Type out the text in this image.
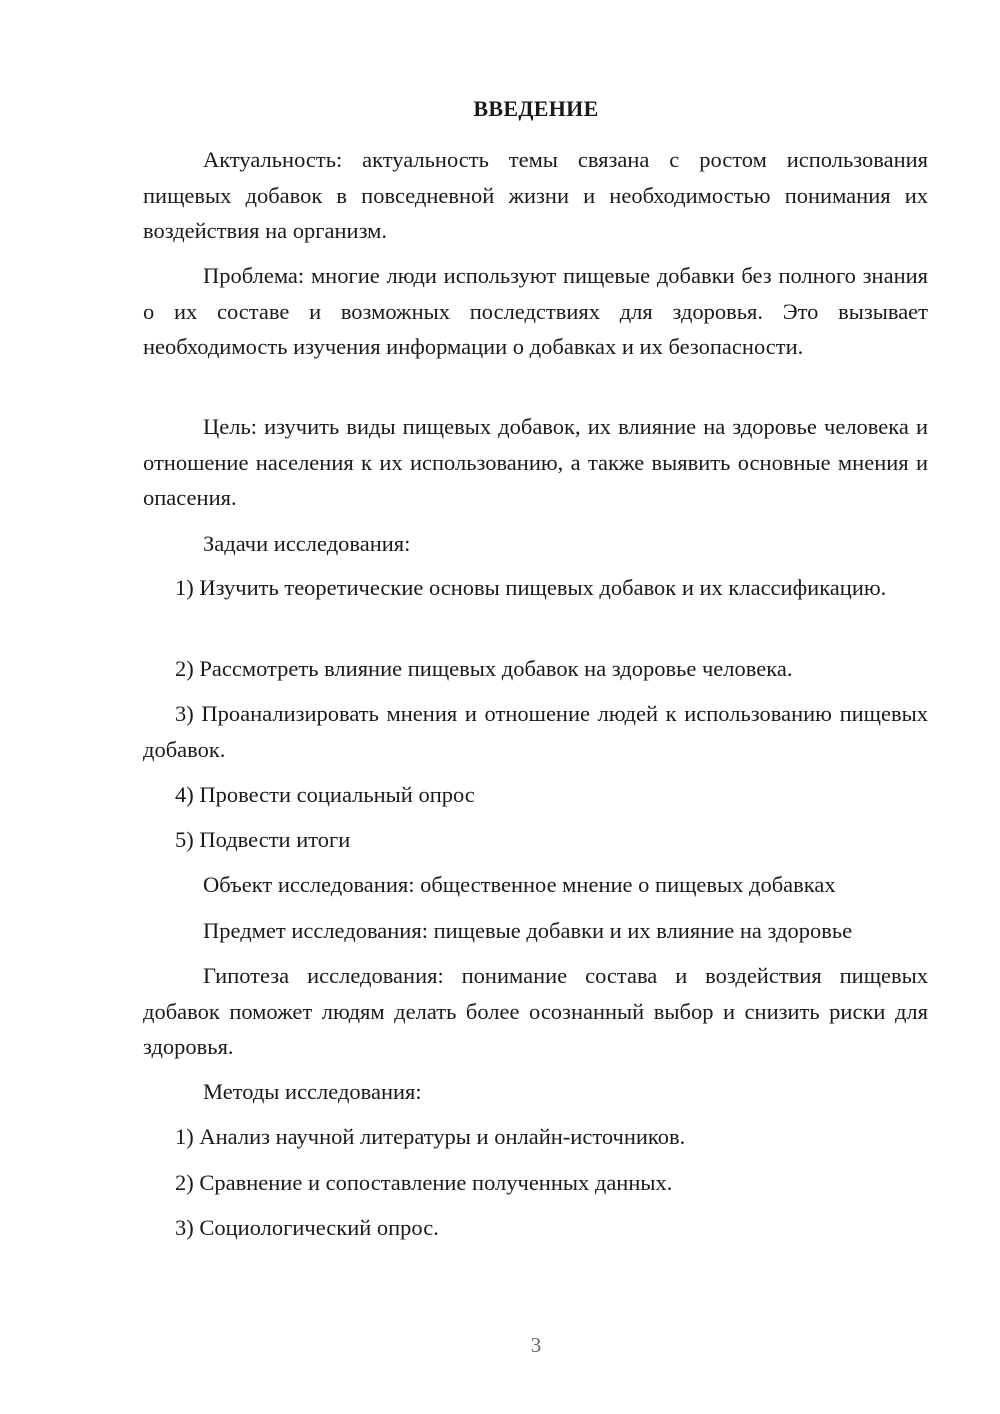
ВВЕДЕНИЕ

Актуальность: актуальность темы связана с ростом использования пищевых добавок в повседневной жизни и необходимостью понимания их воздействия на организм.

Проблема: многие люди используют пищевые добавки без полного знания о их составе и возможных последствиях для здоровья. Это вызывает необходимость изучения информации о добавках и их безопасности.

Цель: изучить виды пищевых добавок, их влияние на здоровье человека и отношение населения к их использованию, а также выявить основные мнения и опасения.

Задачи исследования:

1) Изучить теоретические основы пищевых добавок и их классификацию.

2) Рассмотреть влияние пищевых добавок на здоровье человека.

3) Проанализировать мнения и отношение людей к использованию пищевых добавок.

4) Провести социальный опрос

5) Подвести итоги

Объект исследования: общественное мнение о пищевых добавках

Предмет исследования: пищевые добавки и их влияние на здоровье

Гипотеза исследования: понимание состава и воздействия пищевых добавок поможет людям делать более осознанный выбор и снизить риски для здоровья.

Методы исследования:

1) Анализ научной литературы и онлайн-источников.

2) Сравнение и сопоставление полученных данных.

3) Социологический опрос.

3
